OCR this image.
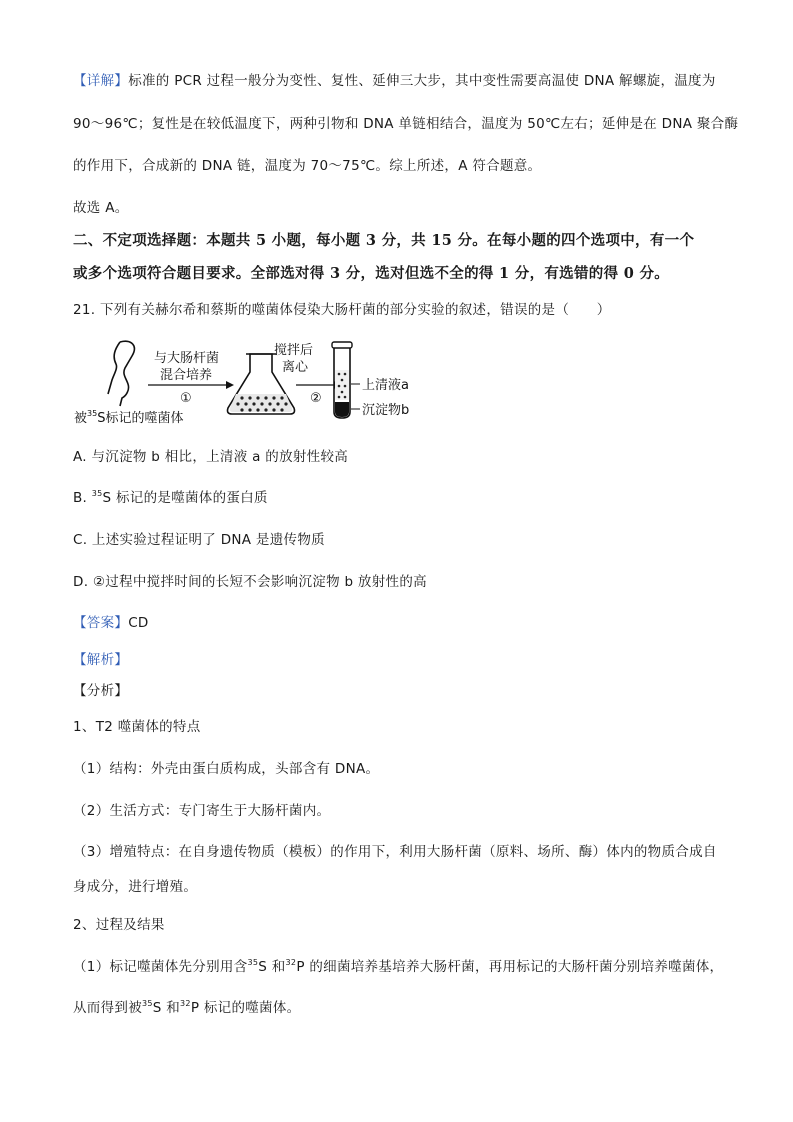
【详解】标准的 PCR 过程一般分为变性、复性、延伸三大步，其中变性需要高温使 DNA 解螺旋，温度为
90～96℃；复性是在较低温度下，两种引物和 DNA 单链相结合，温度为 50℃左右；延伸是在 DNA 聚合酶
的作用下，合成新的 DNA 链，温度为 70～75℃。综上所述，A 符合题意。
故选 A。
二、不定项选择题：本题共 5 小题，每小题 3 分，共 15 分。在每小题的四个选项中，有一个
或多个选项符合题目要求。全部选对得 3 分，选对但选不全的得 1 分，有选错的得 0 分。
21. 下列有关赫尔希和蔡斯的噬菌体侵染大肠杆菌的部分实验的叙述，错误的是（　　）
被$^{35}$S标记的噬菌体
与大肠杆菌
混合培养
①
搅拌后
离心
②
上清液a
沉淀物b
A. 与沉淀物 b 相比，上清液 a 的放射性较高
B. $^{35}$S 标记的是噬菌体的蛋白质
C. 上述实验过程证明了 DNA 是遗传物质
D. ②过程中搅拌时间的长短不会影响沉淀物 b 放射性的高
【答案】CD
【解析】
【分析】
1、T2 噬菌体的特点
（1）结构：外壳由蛋白质构成，头部含有 DNA。
（2）生活方式：专门寄生于大肠杆菌内。
（3）增殖特点：在自身遗传物质（模板）的作用下，利用大肠杆菌（原料、场所、酶）体内的物质合成自
身成分，进行增殖。
2、过程及结果
（1）标记噬菌体先分别用含$^{35}$S 和$^{32}$P 的细菌培养基培养大肠杆菌，再用标记的大肠杆菌分别培养噬菌体，
从而得到被$^{35}$S 和$^{32}$P 标记的噬菌体。
